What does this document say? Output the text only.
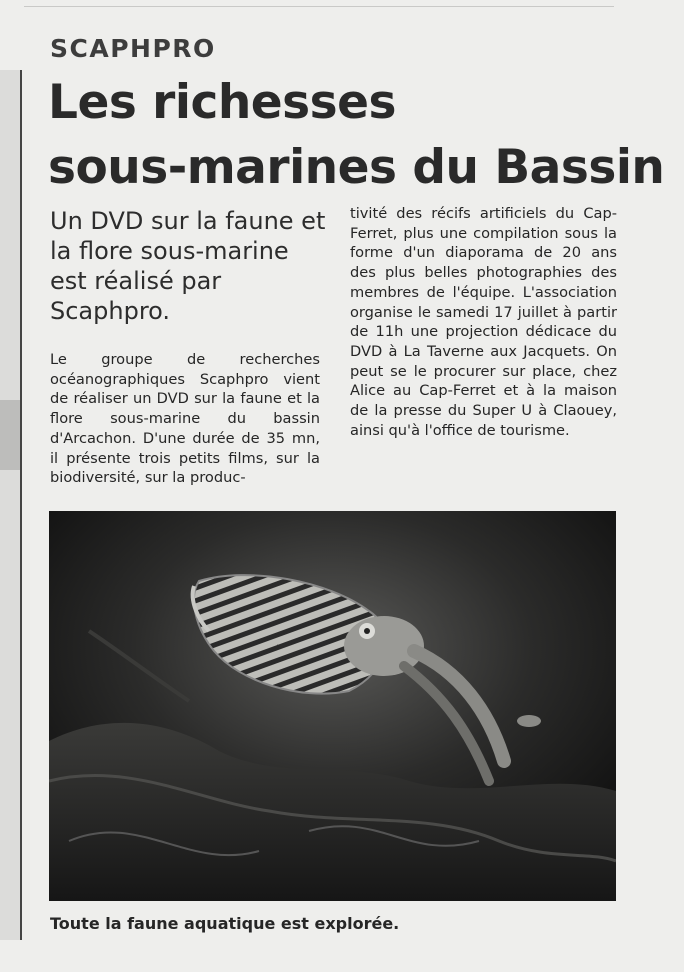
SCAPHPRO
Les richesses
sous-marines du Bassin

Un DVD sur la faune et la flore sous-marine est réalisé par Scaphpro.

Le groupe de recherches océanographiques Scaphpro vient de réaliser un DVD sur la faune et la flore sous-marine du bassin d'Arcachon. D'une durée de 35 mn, il présente trois petits films, sur la biodiversité, sur la produc-

tivité des récifs artificiels du Cap-Ferret, plus une compilation sous la forme d'un diaporama de 20 ans des plus belles photographies des membres de l'équipe. L'association organise le samedi 17 juillet à partir de 11h une projection dédicace du DVD à La Taverne aux Jacquets. On peut se le procurer sur place, chez Alice au Cap-Ferret et à la maison de la presse du Super U à Claouey, ainsi qu'à l'office de tourisme.

Toute la faune aquatique est explorée.
